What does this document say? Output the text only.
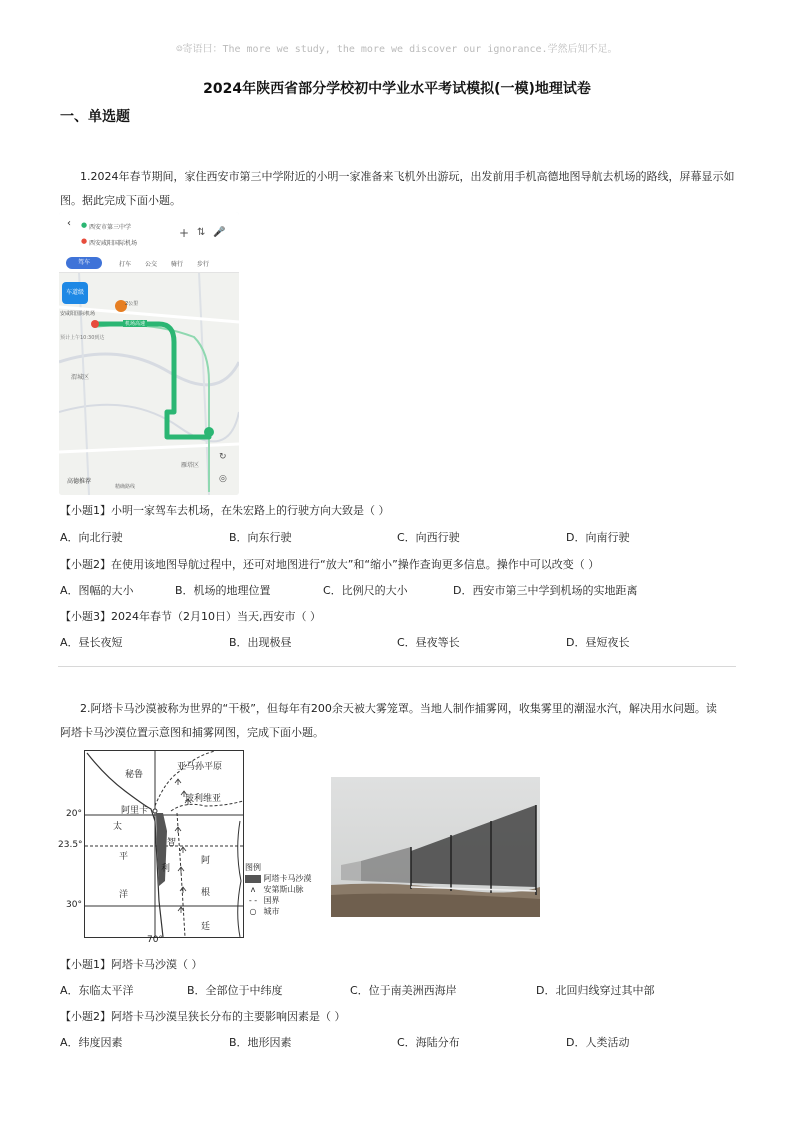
☺寄语曰：The more we study, the more we discover our ignorance.学然后知不足。
2024年陕西省部分学校初中学业水平考试模拟(一模)地理试卷
一、单选题
1.2024年春节期间，家住西安市第三中学附近的小明一家准备来飞机外出游玩，出发前用手机高德地图导航去机场的路线，屏幕显示如
图。据此完成下面小题。
‹ ● 西安市第三中学
● 西安咸阳国际机场
+ ⇅ 🎤
驾车	打车 公交 骑行 步行
车道级
2公里
安咸阳国际机场
预计上午10:30到达
机场高速
渭城区
雁塔区
↻
◎
高德推荐
精确路线
【小题1】小明一家驾车去机场，在朱宏路上的行驶方向大致是（ ）
A．向北行驶	B．向东行驶	C．向西行驶	D．向南行驶
【小题2】在使用该地图导航过程中，还可对地图进行“放大”和“缩小”操作查询更多信息。操作中可以改变（ ）
A．图幅的大小	B．机场的地理位置	C．比例尺的大小	D．西安市第三中学到机场的实地距离
【小题3】2024年春节（2月10日）当天,西安市（ ）
A．昼长夜短	B．出现极昼	C．昼夜等长	D．昼短夜长
2.阿塔卡马沙漠被称为世界的“干极”，但每年有200余天被大雾笼罩。当地人制作捕雾网，收集雾里的潮湿水汽，解决用水问题。读
阿塔卡马沙漠位置示意图和捕雾网图，完成下面小题。
秘鲁
亚马孙平原
玻利维亚
阿里卡
太
平
洋
智
利
阿
根
廷
20°
23.5°
30°
70°
图例
阿塔卡马沙漠
ᴧ 安第斯山脉
- - 国界
○ 城市
【小题1】阿塔卡马沙漠（ ）
A．东临太平洋	B．全部位于中纬度	C．位于南美洲西海岸	D．北回归线穿过其中部
【小题2】阿塔卡马沙漠呈狭长分布的主要影响因素是（ ）
A．纬度因素	B．地形因素	C．海陆分布	D．人类活动
